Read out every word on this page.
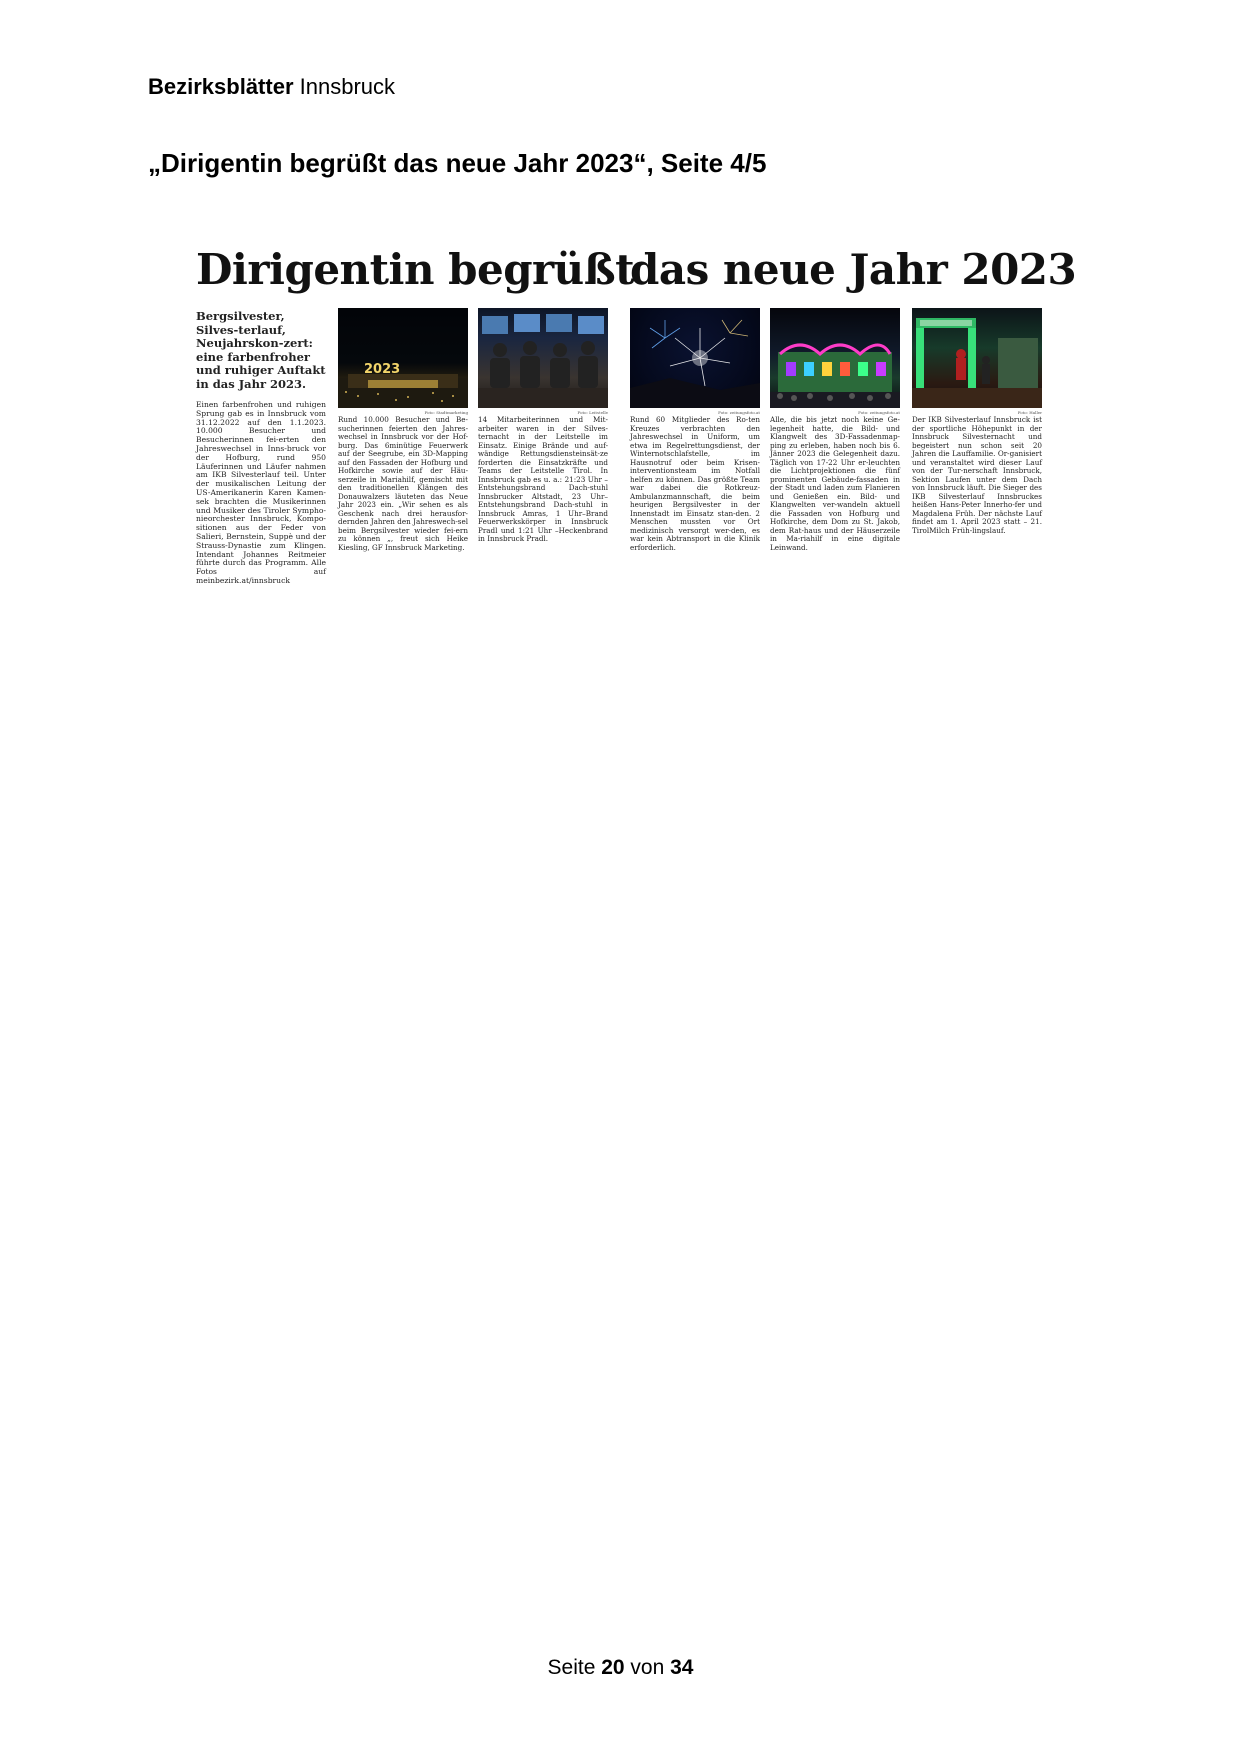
Bezirksblätter Innsbruck
„Dirigentin begrüßt das neue Jahr 2023“, Seite 4/5
Dirigentin begrüßt
das neue Jahr 2023

Bergsilvester, Silves-terlauf, Neujahrskon-zert: eine farbenfroher und ruhiger Auftakt in das Jahr 2023.

Einen farbenfrohen und ruhigen Sprung gab es in Innsbruck vom 31.12.2022 auf den 1.1.2023. 10.000 Besucher und Besucherinnen fei-erten den Jahreswechsel in Inns-bruck vor der Hofburg, rund 950 Läuferinnen und Läufer nahmen am IKB Silvesterlauf teil. Unter der musikalischen Leitung der US-Amerikanerin Karen Kamen-sek brachten die Musikerinnen und Musiker des Tiroler Sympho-nieorchester Innsbruck, Kompo-sitionen aus der Feder von Salieri, Bernstein, Suppè und der Strauss-Dynastie zum Klingen. Intendant Johannes Reitmeier führte durch das Programm. Alle Fotos auf meinbezirk.at/innsbruck

2023
Foto: Stadtmarketing

Rund 10.000 Besucher und Be-sucherinnen feierten den Jahres-wechsel in Innsbruck vor der Hof-burg. Das 6minütige Feuerwerk auf der Seegrube, ein 3D-Mapping auf den Fassaden der Hofburg und Hofkirche sowie auf der Häu-serzeile in Mariahilf, gemischt mit den traditionellen Klängen des Donauwalzers läuteten das Neue Jahr 2023 ein. „Wir sehen es als Geschenk nach drei herausfor-dernden Jahren den Jahreswech-sel beim Bergsilvester wieder fei-ern zu können „, freut sich Heike Kiesling, GF Innsbruck Marketing.

Foto: Leitstelle

14 Mitarbeiterinnen und Mit-arbeiter waren in der Silves-ternacht in der Leitstelle im Einsatz. Einige Brände und auf-wändige Rettungsdiensteinsät-ze forderten die Einsatzkräfte und Teams der Leitstelle Tirol. In Innsbruck gab es u. a.: 21:23 Uhr –Entstehungsbrand Dach-stuhl Innsbrucker Altstadt, 23 Uhr–Entstehungsbrand Dach-stuhl in Innsbruck Amras, 1 Uhr–Brand Feuerwerkskörper in Innsbruck Pradl und 1:21 Uhr –Heckenbrand in Innsbruck Pradl.

Foto: zeitungsfoto.at

Rund 60 Mitglieder des Ro-ten Kreuzes verbrachten den Jahreswechsel in Uniform, um etwa im Regelrettungsdienst, der Winternotschlafstelle, im Hausnotruf oder beim Krisen-interventionsteam im Notfall helfen zu können. Das größte Team war dabei die Rotkreuz-Ambulanzmannschaft, die beim heurigen Bergsilvester in der Innenstadt im Einsatz stan-den. 2 Menschen mussten vor Ort medizinisch versorgt wer-den, es war kein Abtransport in die Klinik erforderlich.

Foto: zeitungsfoto.at

Alle, die bis jetzt noch keine Ge-legenheit hatte, die Bild- und Klangwelt des 3D-Fassadenmap-ping zu erleben, haben noch bis 6. Jänner 2023 die Gelegenheit dazu. Täglich von 17-22 Uhr er-leuchten die Lichtprojektionen die fünf prominenten Gebäude-fassaden in der Stadt und laden zum Flanieren und Genießen ein. Bild- und Klangwelten ver-wandeln aktuell die Fassaden von Hofburg und Hofkirche, dem Dom zu St. Jakob, dem Rat-haus und der Häuserzeile in Ma-riahilf in eine digitale Leinwand.

Foto: Haller

Der IKB Silvesterlauf Innsbruck ist der sportliche Höhepunkt in der Innsbruck Silvesternacht und begeistert nun schon seit 20 Jahren die Lauffamilie. Or-ganisiert und veranstaltet wird dieser Lauf von der Tur-nerschaft Innsbruck, Sektion Laufen unter dem Dach von Innsbruck läuft. Die Sieger des IKB Silvesterlauf Innsbruckes heißen Hans-Peter Innerho-fer und Magdalena Früh. Der nächste Lauf findet am 1. April 2023 statt – 21. TirolMilch Früh-lingslauf.

Seite 20 von 34
